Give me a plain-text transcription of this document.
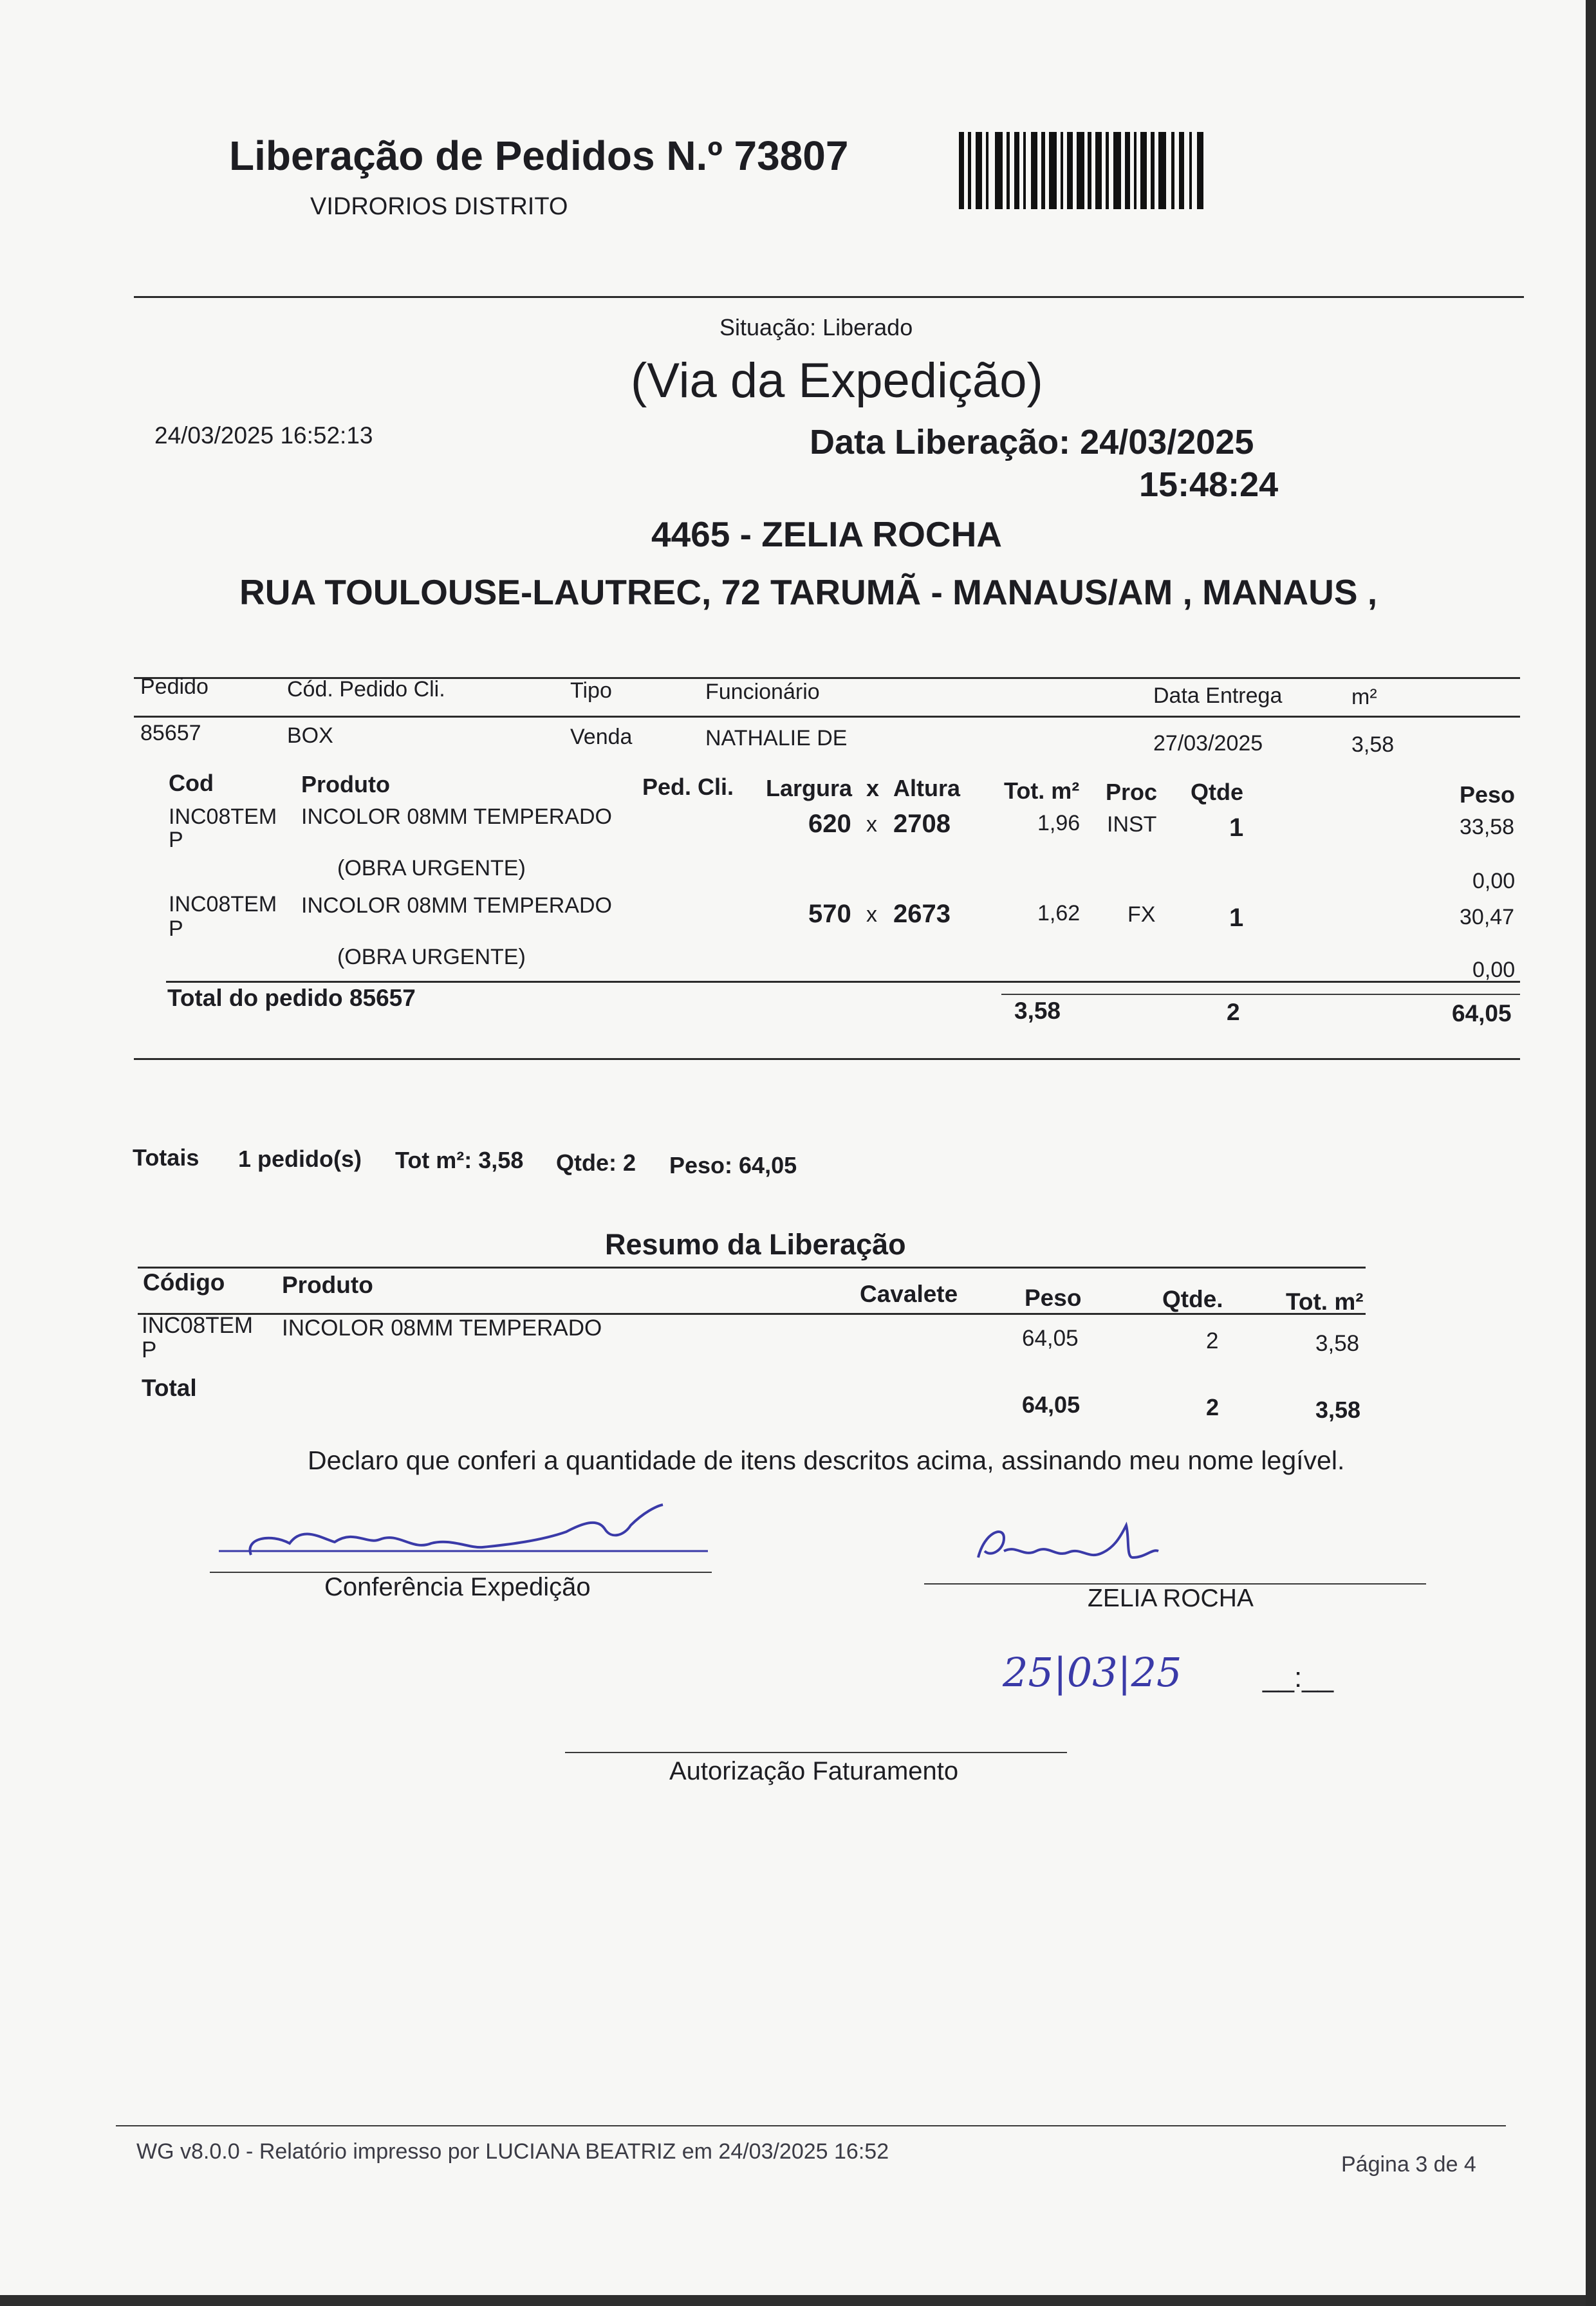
Liberação de Pedidos N.º 73807
VIDRORIOS DISTRITO
Situação: Liberado
(Via da Expedição)
24/03/2025 16:52:13	Data Liberação: 24/03/2025
15:48:24
4465 - ZELIA ROCHA
RUA TOULOUSE-LAUTREC, 72 TARUMÃ - MANAUS/AM , MANAUS ,
Pedido	Cód. Pedido Cli.	Tipo	Funcionário	Data Entrega	m²
85657	BOX	Venda	NATHALIE DE	27/03/2025	3,58
Cod	Produto	Ped. Cli. Largura x Altura Tot. m² Proc Qtde	Peso
INC08TEM
P
INCOLOR 08MM TEMPERADO	620 x 2708	1,96 INST	1	33,58
(OBRA URGENTE)
0,00
INC08TEM
P
INCOLOR 08MM TEMPERADO	570 x 2673	1,62 FX	1	30,47
(OBRA URGENTE)
0,00
Total do pedido 85657	3,58	2	64,05
Totais 1 pedido(s) Tot m²: 3,58 Qtde: 2 Peso: 64,05
Resumo da Liberação
Código Produto	Cavalete	Peso	Qtde.	Tot. m²
INC08TEM
P
INCOLOR 08MM TEMPERADO	64,05	2	3,58
Total
64,05	2	3,58
Declaro que conferi a quantidade de itens descritos acima, assinando meu nome legível.
Conferência Expedição	ZELIA ROCHA
25|03|25	__:__
Autorização Faturamento
WG v8.0.0 - Relatório impresso por LUCIANA BEATRIZ em 24/03/2025 16:52
Página 3 de 4
